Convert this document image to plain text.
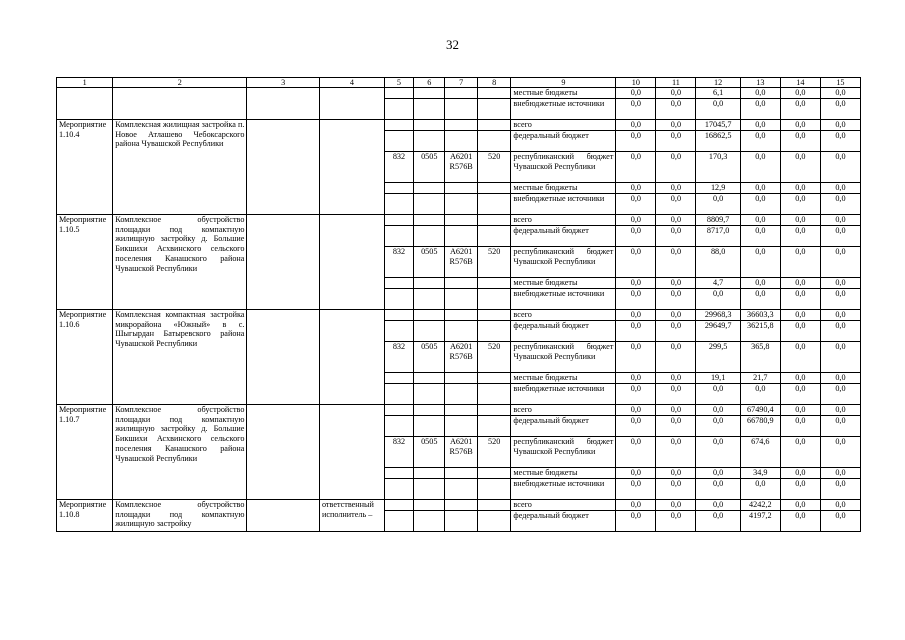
32
1	2	3	4	5	6	7	8	9	10	11	12	13	14	15
								местные бюджеты	0,0	0,0	6,1	0,0	0,0	0,0
								внебюджетные источники	0,0	0,0	0,0	0,0	0,0	0,0
Мероприятие 1.10.4	Комплексная жилищная застройка п. Новое Атлашево Чебоксарского района Чувашской Республики							всего	0,0	0,0	17045,7	0,0	0,0	0,0
								федеральный бюджет	0,0	0,0	16862,5	0,0	0,0	0,0
				832	0505	А6201 R576B	520	республиканский бюджет Чувашской Республики	0,0	0,0	170,3	0,0	0,0	0,0
								местные бюджеты	0,0	0,0	12,9	0,0	0,0	0,0
								внебюджетные источники	0,0	0,0	0,0	0,0	0,0	0,0
Мероприятие 1.10.5	Комплексное обустройство площадки под компактную жилищную застройку д. Большие Бикшихи Асхвинского сельского поселения Канашского района Чувашской Республики							всего	0,0	0,0	8809,7	0,0	0,0	0,0
								федеральный бюджет	0,0	0,0	8717,0	0,0	0,0	0,0
				832	0505	А6201 R576B	520	республиканский бюджет Чувашской Республики	0,0	0,0	88,0	0,0	0,0	0,0
								местные бюджеты	0,0	0,0	4,7	0,0	0,0	0,0
								внебюджетные источники	0,0	0,0	0,0	0,0	0,0	0,0
Мероприятие 1.10.6	Комплексная компактная застройка микрорайона «Южный» в с. Шыгырдан Батыревского района Чувашской Республики							всего	0,0	0,0	29968,3	36603,3	0,0	0,0
								федеральный бюджет	0,0	0,0	29649,7	36215,8	0,0	0,0
				832	0505	А6201 R576B	520	республиканский бюджет Чувашской Республики	0,0	0,0	299,5	365,8	0,0	0,0
								местные бюджеты	0,0	0,0	19,1	21,7	0,0	0,0
								внебюджетные источники	0,0	0,0	0,0	0,0	0,0	0,0
Мероприятие 1.10.7	Комплексное обустройство площадки под компактную жилищную застройку д. Большие Бикшихи Асхвинского сельского поселения Канашского района Чувашской Республики							всего	0,0	0,0	0,0	67490,4	0,0	0,0
								федеральный бюджет	0,0	0,0	0,0	66780,9	0,0	0,0
				832	0505	А6201 R576B	520	республиканский бюджет Чувашской Республики	0,0	0,0	0,0	674,6	0,0	0,0
								местные бюджеты	0,0	0,0	0,0	34,9	0,0	0,0
								внебюджетные источники	0,0	0,0	0,0	0,0	0,0	0,0
Мероприятие 1.10.8	Комплексное обустройство площадки под компактную жилищную застройку		ответственный исполнитель –					всего	0,0	0,0	0,0	4242,2	0,0	0,0
								федеральный бюджет	0,0	0,0	0,0	4197,2	0,0	0,0
